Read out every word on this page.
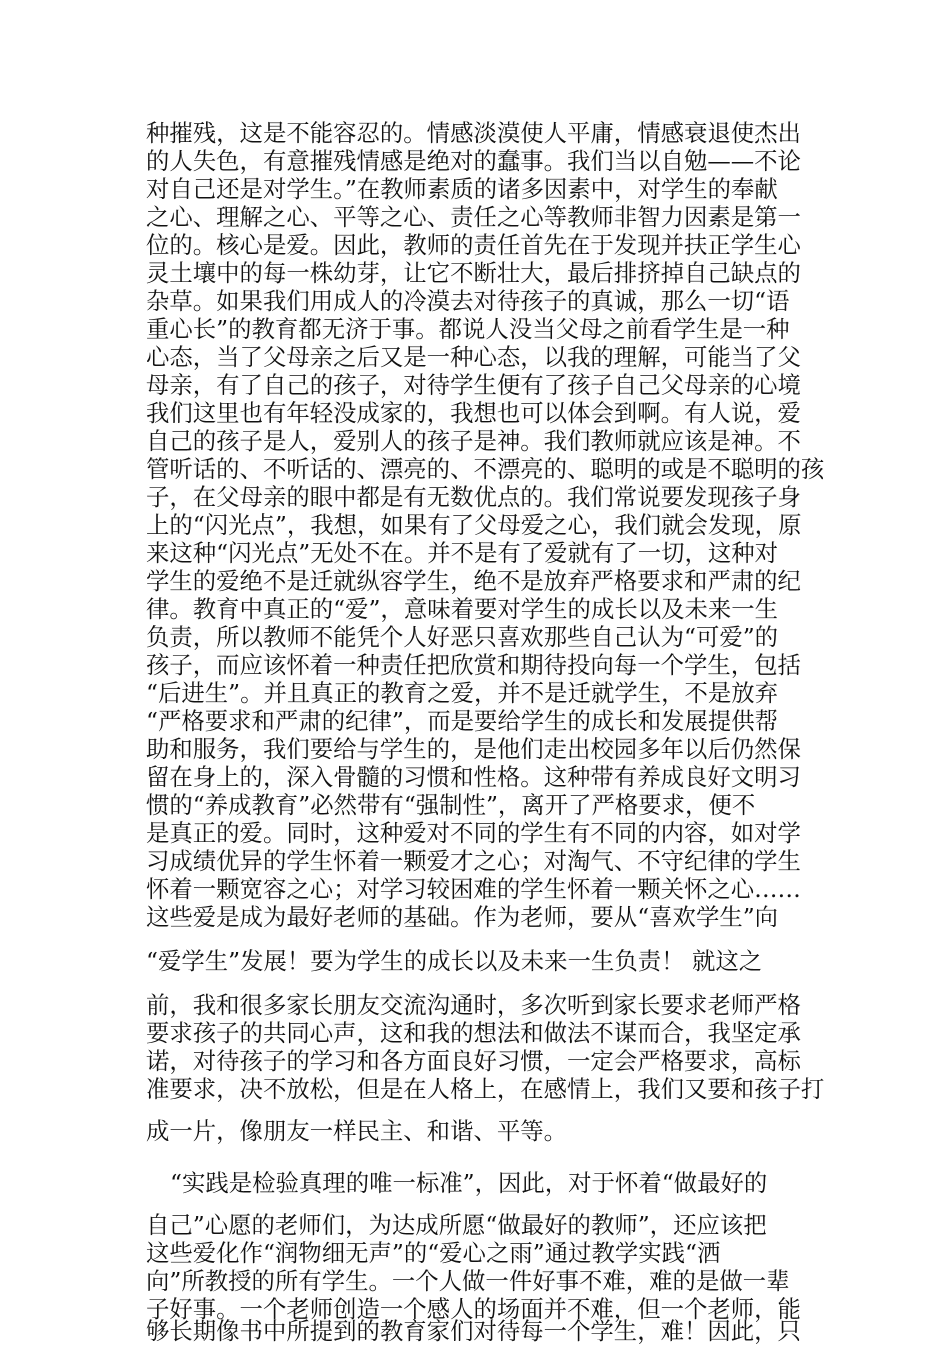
种摧残，这是不能容忍的。情感淡漠使人平庸，情感衰退使杰出
的人失色，有意摧残情感是绝对的蠢事。我们当以自勉——不论
对自己还是对学生。”在教师素质的诸多因素中，对学生的奉献
之心、理解之心、平等之心、责任之心等教师非智力因素是第一
位的。核心是爱。因此，教师的责任首先在于发现并扶正学生心
灵土壤中的每一株幼芽，让它不断壮大，最后排挤掉自己缺点的
杂草。如果我们用成人的冷漠去对待孩子的真诚，那么一切“语
重心长”的教育都无济于事。都说人没当父母之前看学生是一种
心态，当了父母亲之后又是一种心态，以我的理解，可能当了父
母亲，有了自己的孩子，对待学生便有了孩子自己父母亲的心境
我们这里也有年轻没成家的，我想也可以体会到啊。有人说，爱
自己的孩子是人，爱别人的孩子是神。我们教师就应该是神。不
管听话的、不听话的、漂亮的、不漂亮的、聪明的或是不聪明的孩
子，在父母亲的眼中都是有无数优点的。我们常说要发现孩子身
上的“闪光点”，我想，如果有了父母爱之心，我们就会发现，原
来这种“闪光点”无处不在。并不是有了爱就有了一切，这种对
学生的爱绝不是迁就纵容学生，绝不是放弃严格要求和严肃的纪
律。教育中真正的“爱”，意味着要对学生的成长以及未来一生
负责，所以教师不能凭个人好恶只喜欢那些自己认为“可爱”的
孩子，而应该怀着一种责任把欣赏和期待投向每一个学生，包括
“后进生”。并且真正的教育之爱，并不是迁就学生，不是放弃
“严格要求和严肃的纪律”，而是要给学生的成长和发展提供帮
助和服务，我们要给与学生的，是他们走出校园多年以后仍然保
留在身上的，深入骨髓的习惯和性格。这种带有养成良好文明习
惯的“养成教育”必然带有“强制性”，离开了严格要求，便不
是真正的爱。同时，这种爱对不同的学生有不同的内容，如对学
习成绩优异的学生怀着一颗爱才之心；对淘气、不守纪律的学生
怀着一颗宽容之心；对学习较困难的学生怀着一颗关怀之心……
这些爱是成为最好老师的基础。作为老师，要从“喜欢学生”向
“爱学生”发展！要为学生的成长以及未来一生负责！ 就这之
前，我和很多家长朋友交流沟通时，多次听到家长要求老师严格
要求孩子的共同心声，这和我的想法和做法不谋而合，我坚定承
诺，对待孩子的学习和各方面良好习惯，一定会严格要求，高标
准要求，决不放松，但是在人格上，在感情上，我们又要和孩子打
成一片，像朋友一样民主、和谐、平等。
“实践是检验真理的唯一标准”，因此，对于怀着“做最好的
自己”心愿的老师们，为达成所愿“做最好的教师”，还应该把
这些爱化作“润物细无声”的“爱心之雨”通过教学实践“洒
向”所教授的所有学生。一个人做一件好事不难，难的是做一辈
子好事。一个老师创造一个感人的场面并不难，但一个老师，能
够长期像书中所提到的教育家们对待每一个学生，难！因此，只
